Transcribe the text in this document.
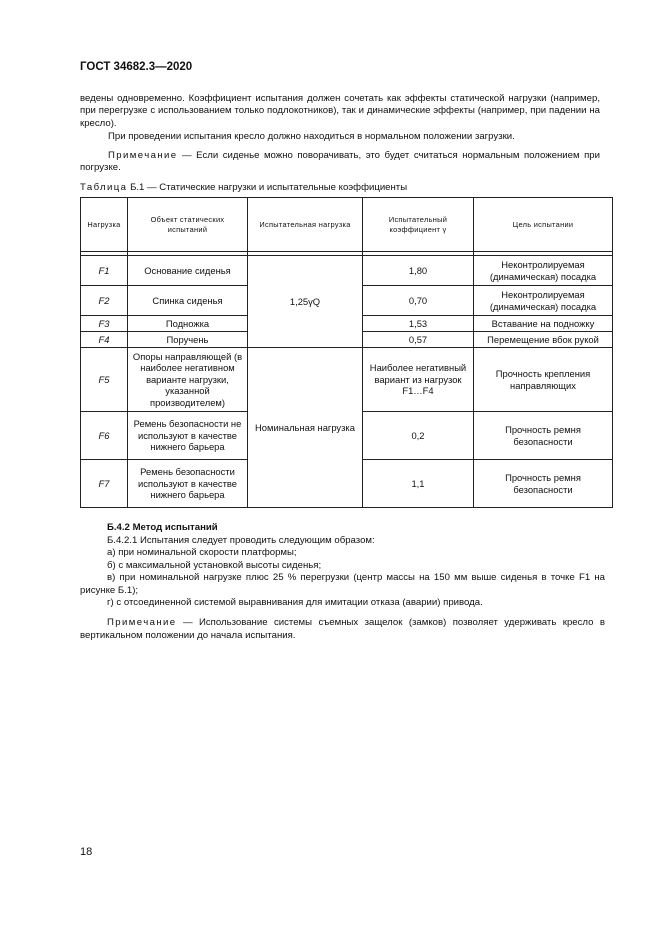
ГОСТ 34682.3—2020

ведены одновременно. Коэффициент испытания должен сочетать как эффекты статической нагрузки (например, при перегрузке с использованием только подлокотников), так и динамические эффекты (например, при падении на кресло).

При проведении испытания кресло должно находиться в нормальном положении загрузки.

Примечание — Если сиденье можно поворачивать, это будет считаться нормальным положением при погрузке.

Таблица Б.1 — Статические нагрузки и испытательные коэффициенты
Нагрузка	Объект статических испытаний	Испытательная нагрузка	Испытательный коэффициент γ	Цель испытании

F1	Основание сиденья	1,25γQ	1,80	Неконтролируемая (динамическая) посадка
F2	Спинка сиденья		0,70	Неконтролируемая (динамическая) посадка
F3	Подножка		1,53	Вставание на подножку
F4	Поручень		0,57	Перемещение вбок рукой
F5	Опоры направляющей (в наиболее негативном варианте нагрузки, указанной производителем)	Номинальная нагрузка	Наиболее негативный вариант из нагрузок F1…F4	Прочность крепления направляющих
F6	Ремень безопасности не используют в качестве нижнего барьера		0,2	Прочность ремня безопасности
F7	Ремень безопасности используют в качестве нижнего барьера		1,1	Прочность ремня безопасности
Б.4.2 Метод испытаний

Б.4.2.1 Испытания следует проводить следующим образом:

а) при номинальной скорости платформы;

б) с максимальной установкой высоты сиденья;

в) при номинальной нагрузке плюс 25 % перегрузки (центр массы на 150 мм выше сиденья в точке F1 на рисунке Б.1);

г) с отсоединенной системой выравнивания для имитации отказа (аварии) привода.

Примечание — Использование системы съемных защелок (замков) позволяет удерживать кресло в вертикальном положении до начала испытания.

18
